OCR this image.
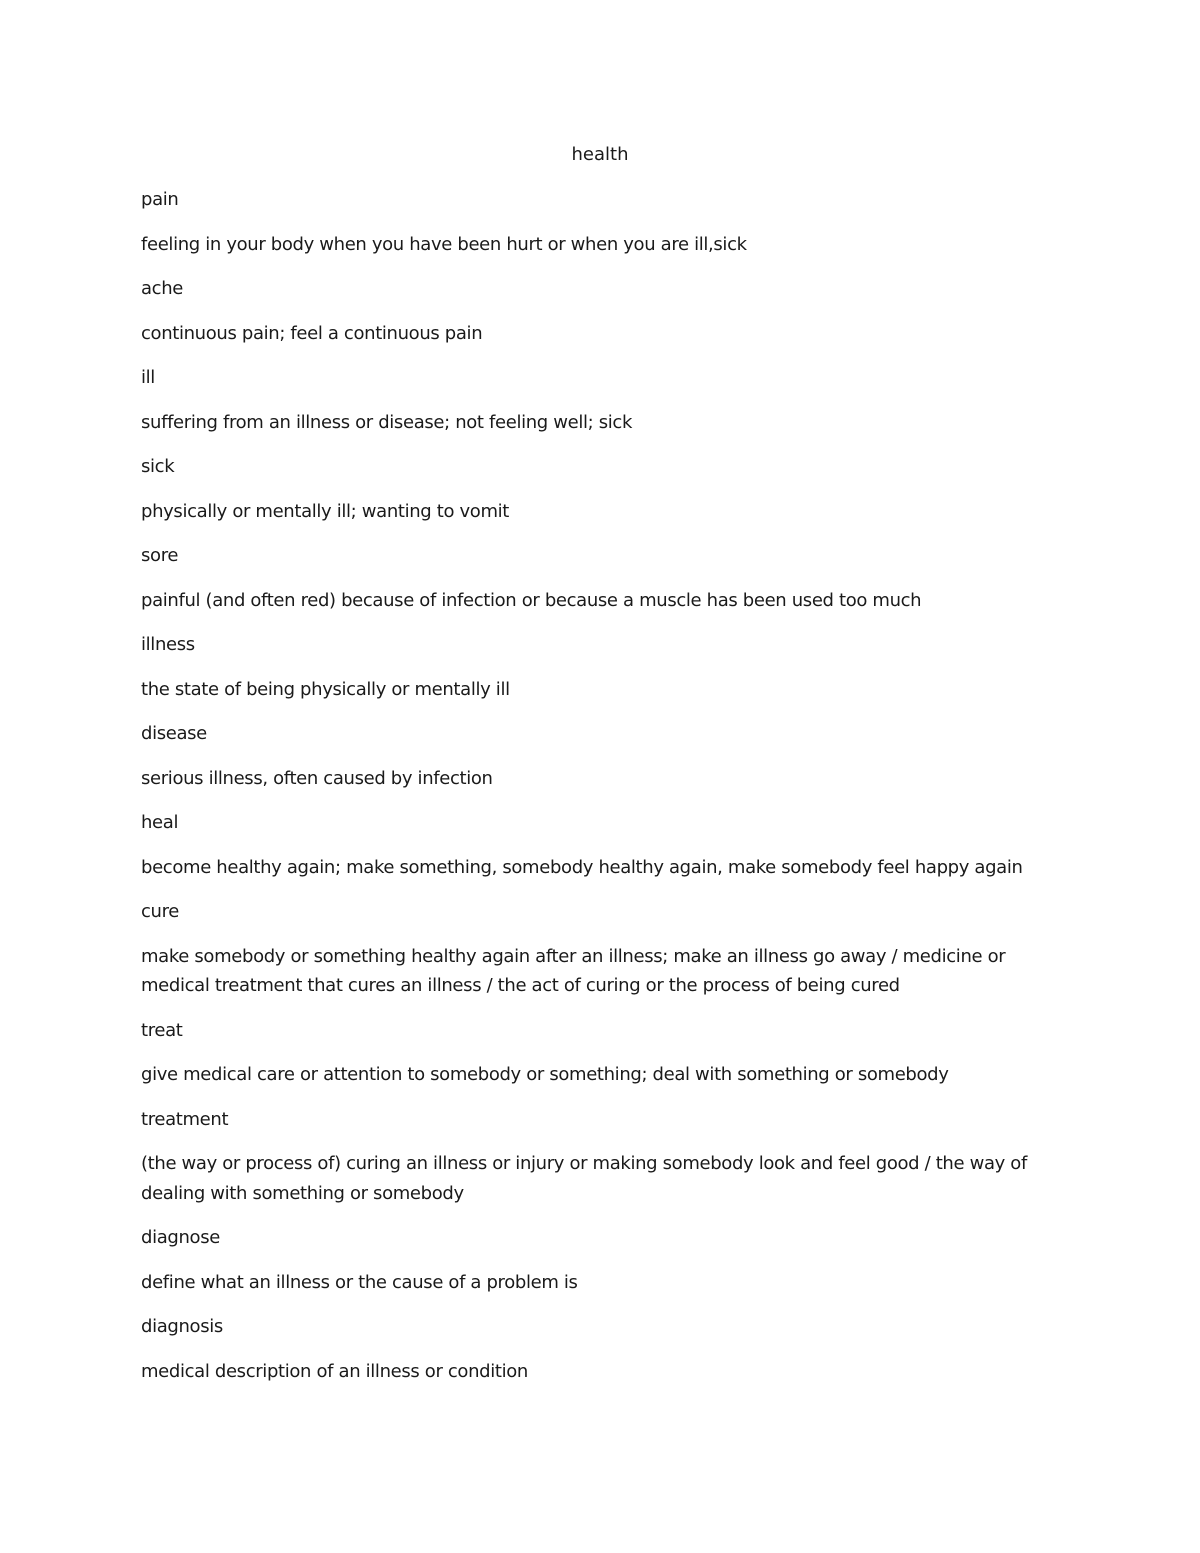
health

pain

feeling in your body when you have been hurt or when you are ill,sick

ache

continuous pain; feel a continuous pain

ill

suffering from an illness or disease; not feeling well; sick

sick

physically or mentally ill; wanting to vomit

sore

painful (and often red) because of infection or because a muscle has been used too much

illness

the state of being physically or mentally ill

disease

serious illness, often caused by infection

heal

become healthy again; make something, somebody healthy again, make somebody feel happy again

cure

make somebody or something healthy again after an illness; make an illness go away / medicine or medical treatment that cures an illness / the act of curing or the process of being cured

treat

give medical care or attention to somebody or something; deal with something or somebody

treatment

(the way or process of) curing an illness or injury or making somebody look and feel good / the way of dealing with something or somebody

diagnose

define what an illness or the cause of a problem is

diagnosis

medical description of an illness or condition
